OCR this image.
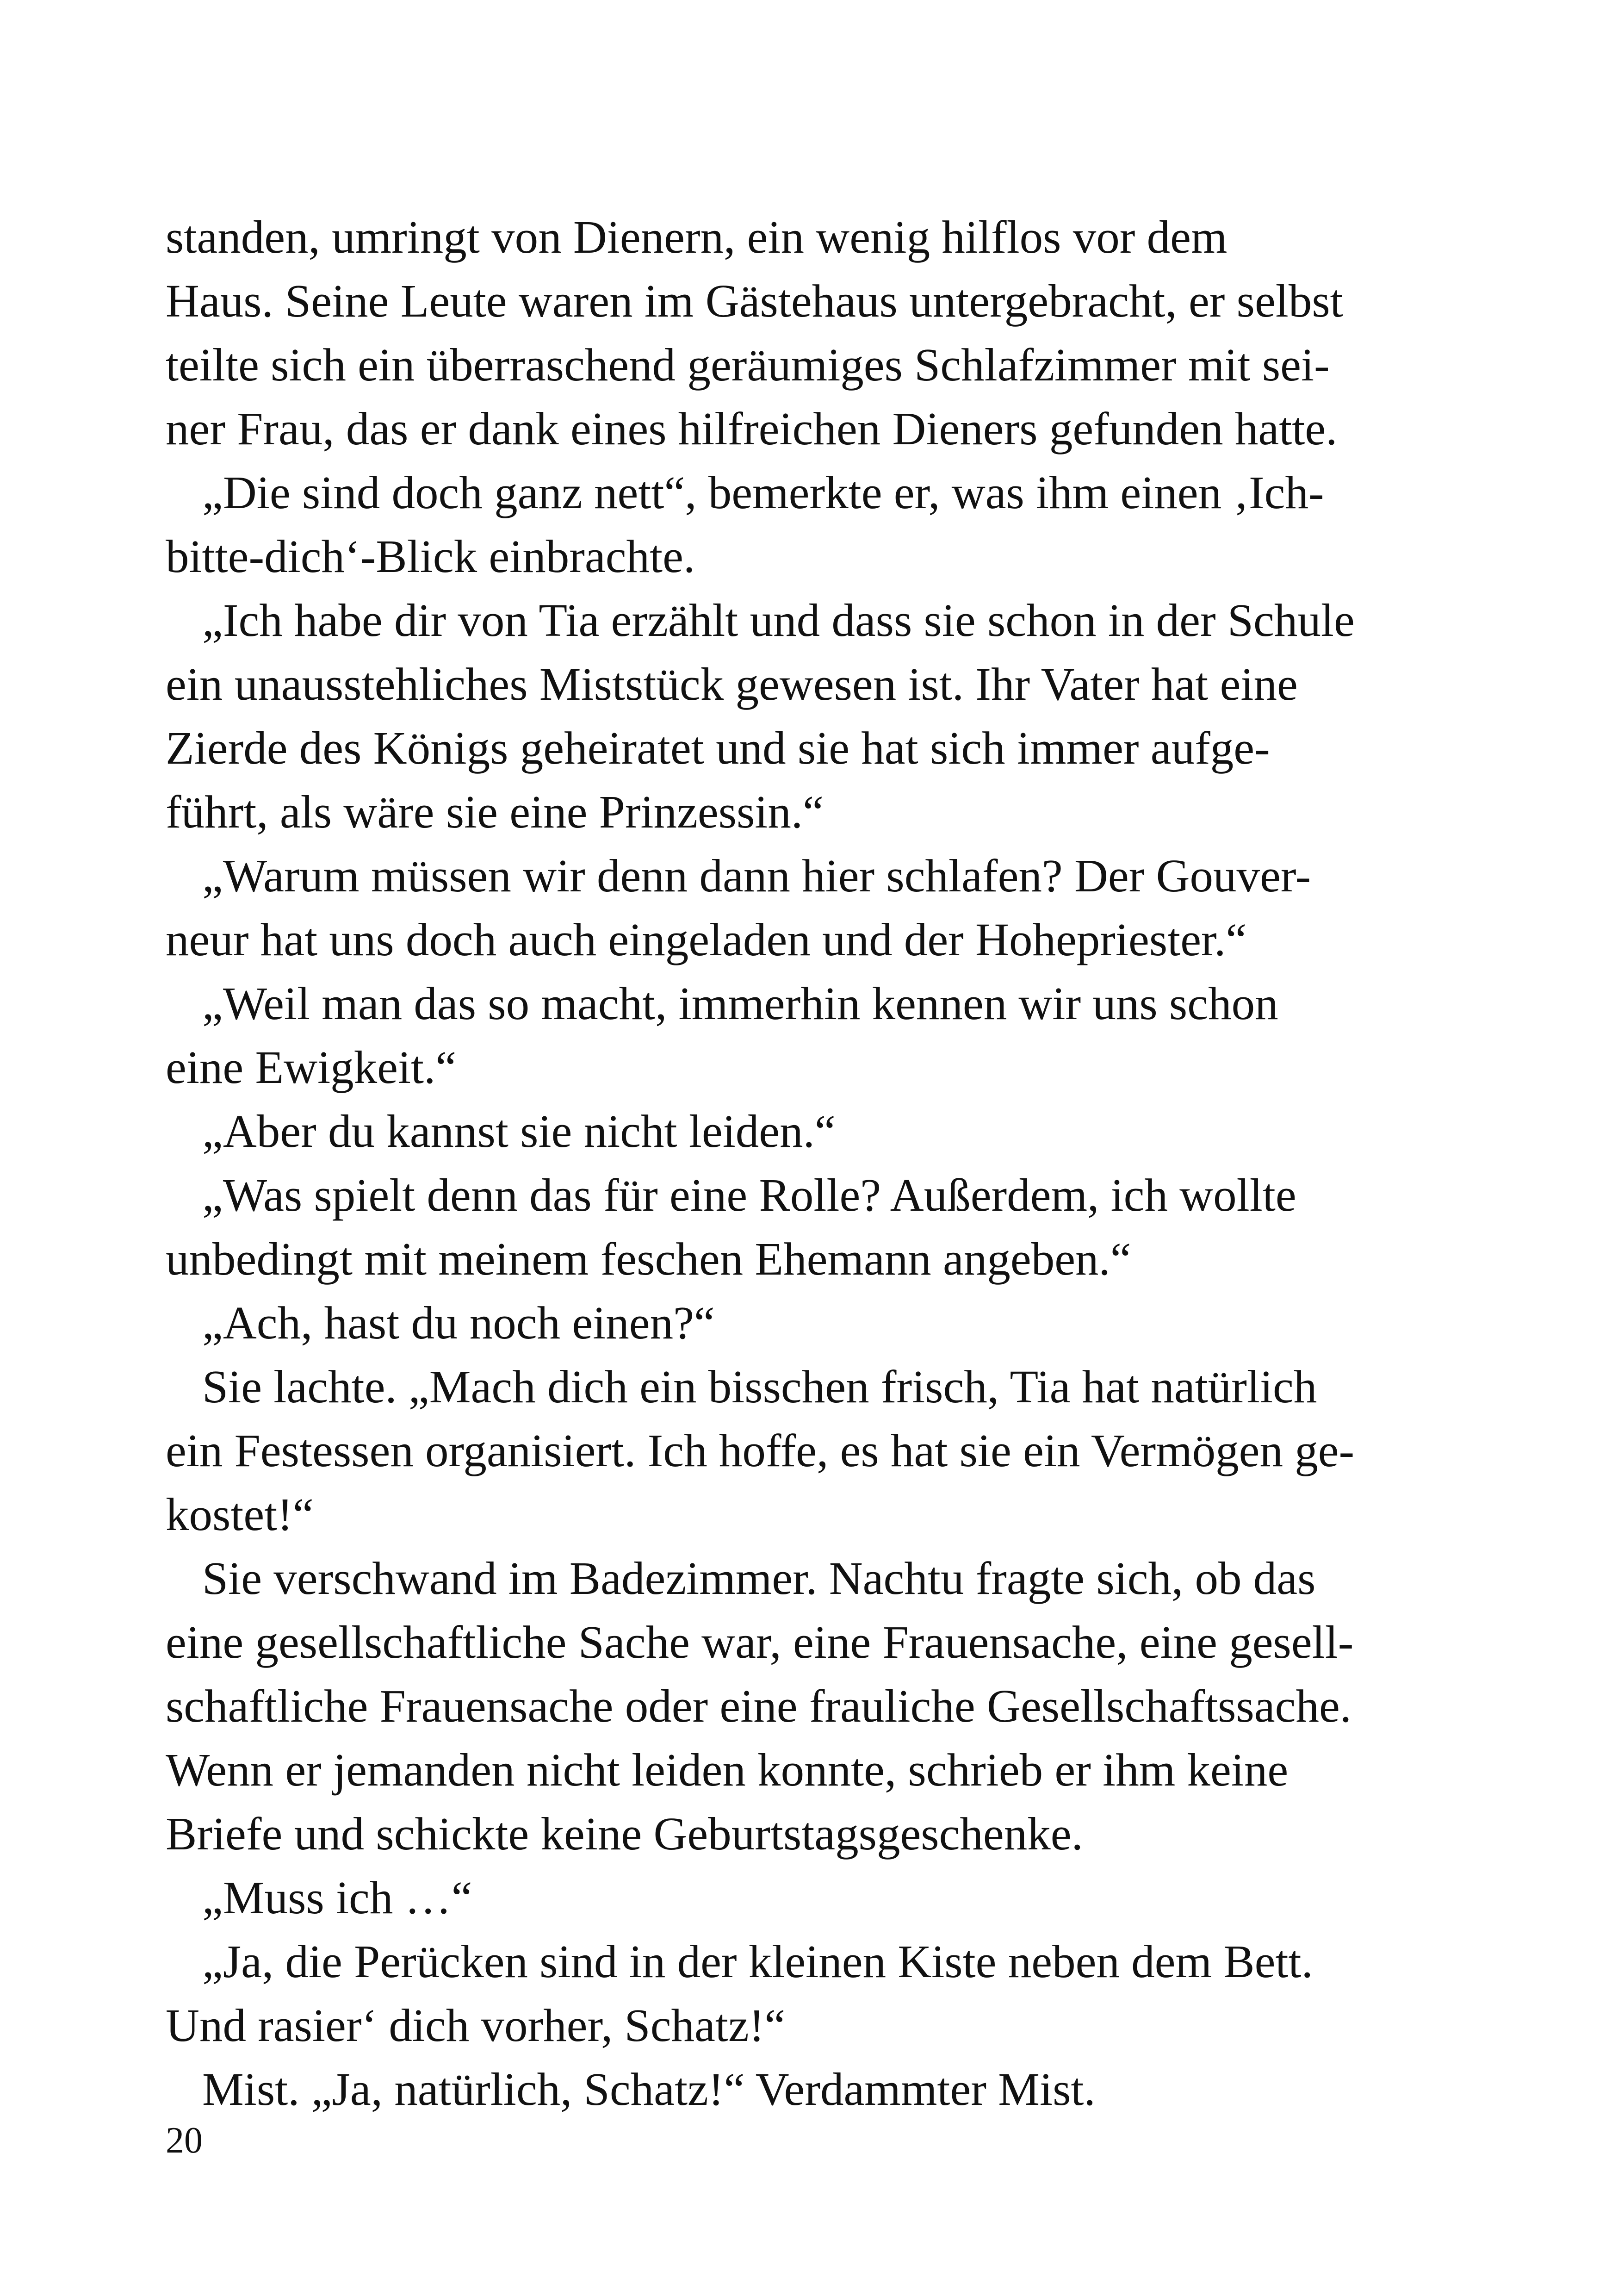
standen, umringt von Dienern, ein wenig hilflos vor dem
Haus. Seine Leute waren im Gästehaus untergebracht, er selbst
teilte sich ein überraschend geräumiges Schlafzimmer mit sei-
ner Frau, das er dank eines hilfreichen Dieners gefunden hatte.

„Die sind doch ganz nett“, bemerkte er, was ihm einen ‚Ich-
bitte-dich‘-Blick einbrachte.

„Ich habe dir von Tia erzählt und dass sie schon in der Schule
ein unausstehliches Miststück gewesen ist. Ihr Vater hat eine
Zierde des Königs geheiratet und sie hat sich immer aufge-
führt, als wäre sie eine Prinzessin.“

„Warum müssen wir denn dann hier schlafen? Der Gouver-
neur hat uns doch auch eingeladen und der Hohepriester.“

„Weil man das so macht, immerhin kennen wir uns schon
eine Ewigkeit.“

„Aber du kannst sie nicht leiden.“

„Was spielt denn das für eine Rolle? Außerdem, ich wollte
unbedingt mit meinem feschen Ehemann angeben.“

„Ach, hast du noch einen?“

Sie lachte. „Mach dich ein bisschen frisch, Tia hat natürlich
ein Festessen organisiert. Ich hoffe, es hat sie ein Vermögen ge-
kostet!“

Sie verschwand im Badezimmer. Nachtu fragte sich, ob das
eine gesellschaftliche Sache war, eine Frauensache, eine gesell-
schaftliche Frauensache oder eine frauliche Gesellschaftssache.
Wenn er jemanden nicht leiden konnte, schrieb er ihm keine
Briefe und schickte keine Geburtstagsgeschenke.

„Muss ich …“

„Ja, die Perücken sind in der kleinen Kiste neben dem Bett.
Und rasier‘ dich vorher, Schatz!“

Mist. „Ja, natürlich, Schatz!“ Verdammter Mist.

20
